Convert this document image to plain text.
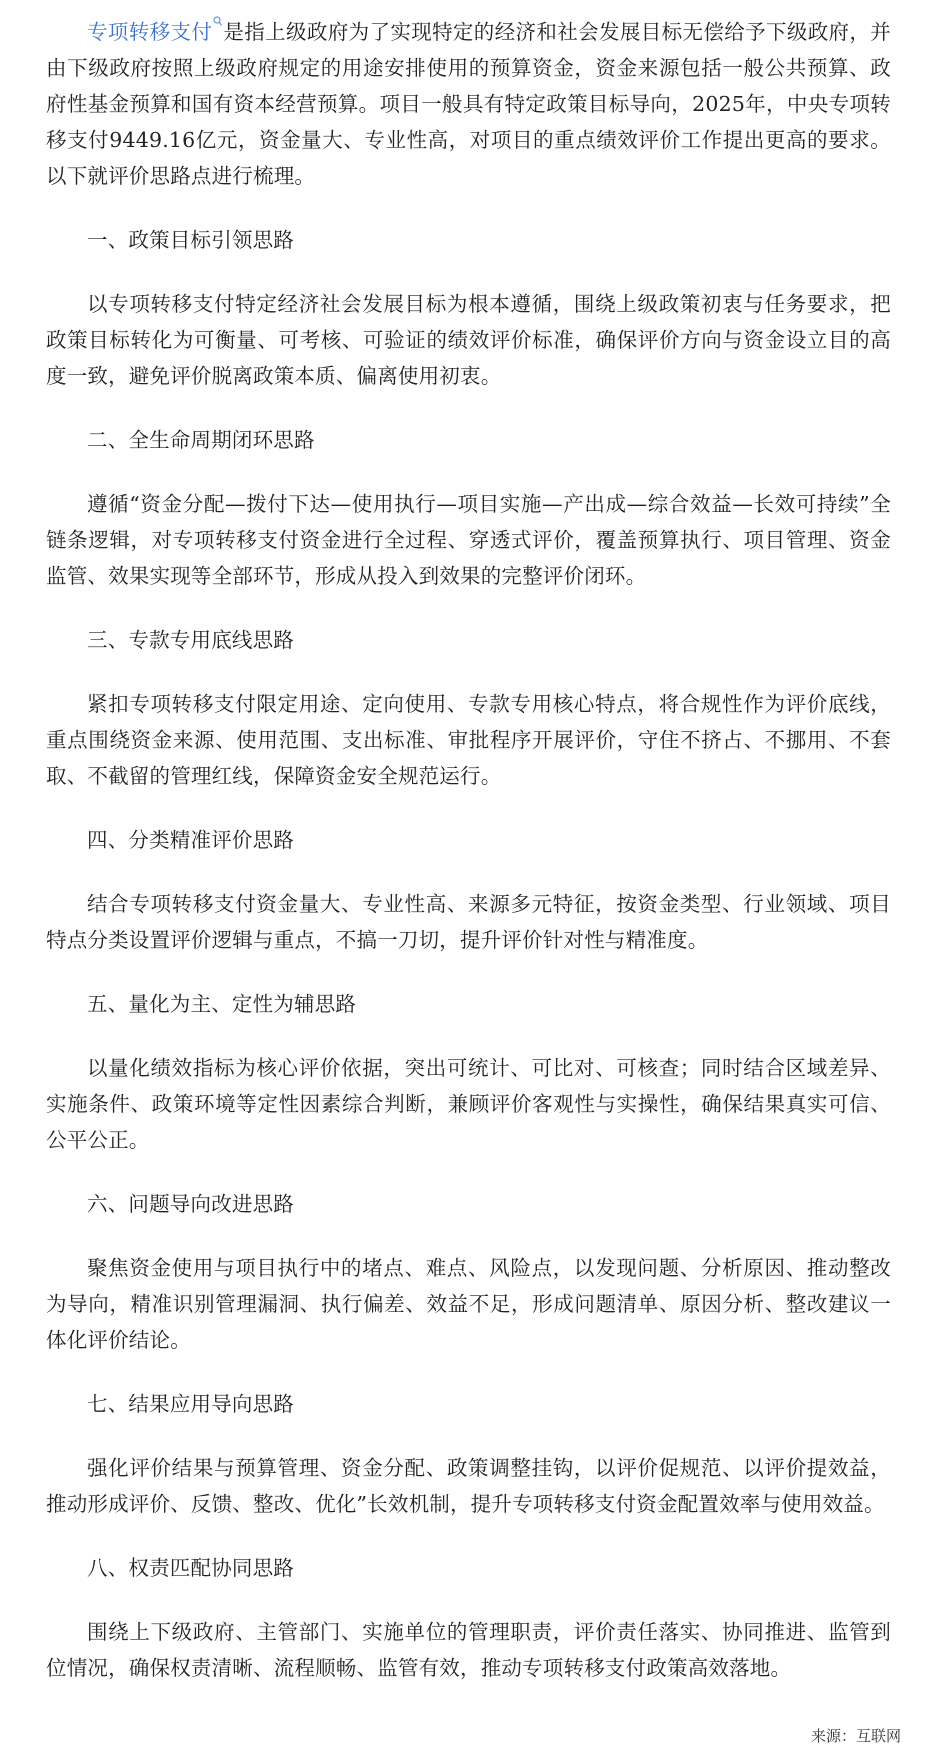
专项转移支付 是指上级政府为了实现特定的经济和社会发展目标无偿给予下级政府，并由下级政府按照上级政府规定的用途安排使用的预算资金，资金来源包括一般公共预算、政府性基金预算和国有资本经营预算。项目一般具有特定政策目标导向，2025年，中央专项转移支付9449.16亿元，资金量大、专业性高，对项目的重点绩效评价工作提出更高的要求。以下就评价思路点进行梳理。

一、政策目标引领思路

以专项转移支付特定经济社会发展目标为根本遵循，围绕上级政策初衷与任务要求，把政策目标转化为可衡量、可考核、可验证的绩效评价标准，确保评价方向与资金设立目的高度一致，避免评价脱离政策本质、偏离使用初衷。

二、全生命周期闭环思路

遵循“资金分配—拨付下达—使用执行—项目实施—产出成—综合效益—长效可持续”全链条逻辑，对专项转移支付资金进行全过程、穿透式评价，覆盖预算执行、项目管理、资金监管、效果实现等全部环节，形成从投入到效果的完整评价闭环。

三、专款专用底线思路

紧扣专项转移支付限定用途、定向使用、专款专用核心特点，将合规性作为评价底线，重点围绕资金来源、使用范围、支出标准、审批程序开展评价，守住不挤占、不挪用、不套取、不截留的管理红线，保障资金安全规范运行。

四、分类精准评价思路

结合专项转移支付资金量大、专业性高、来源多元特征，按资金类型、行业领域、项目特点分类设置评价逻辑与重点，不搞一刀切，提升评价针对性与精准度。

五、量化为主、定性为辅思路

以量化绩效指标为核心评价依据，突出可统计、可比对、可核查；同时结合区域差异、实施条件、政策环境等定性因素综合判断，兼顾评价客观性与实操性，确保结果真实可信、公平公正。

六、问题导向改进思路

聚焦资金使用与项目执行中的堵点、难点、风险点，以发现问题、分析原因、推动整改为导向，精准识别管理漏洞、执行偏差、效益不足，形成问题清单、原因分析、整改建议一体化评价结论。

七、结果应用导向思路

强化评价结果与预算管理、资金分配、政策调整挂钩，以评价促规范、以评价提效益，推动形成评价、反馈、整改、优化”长效机制，提升专项转移支付资金配置效率与使用效益。

八、权责匹配协同思路

围绕上下级政府、主管部门、实施单位的管理职责，评价责任落实、协同推进、监管到位情况，确保权责清晰、流程顺畅、监管有效，推动专项转移支付政策高效落地。

来源：互联网
